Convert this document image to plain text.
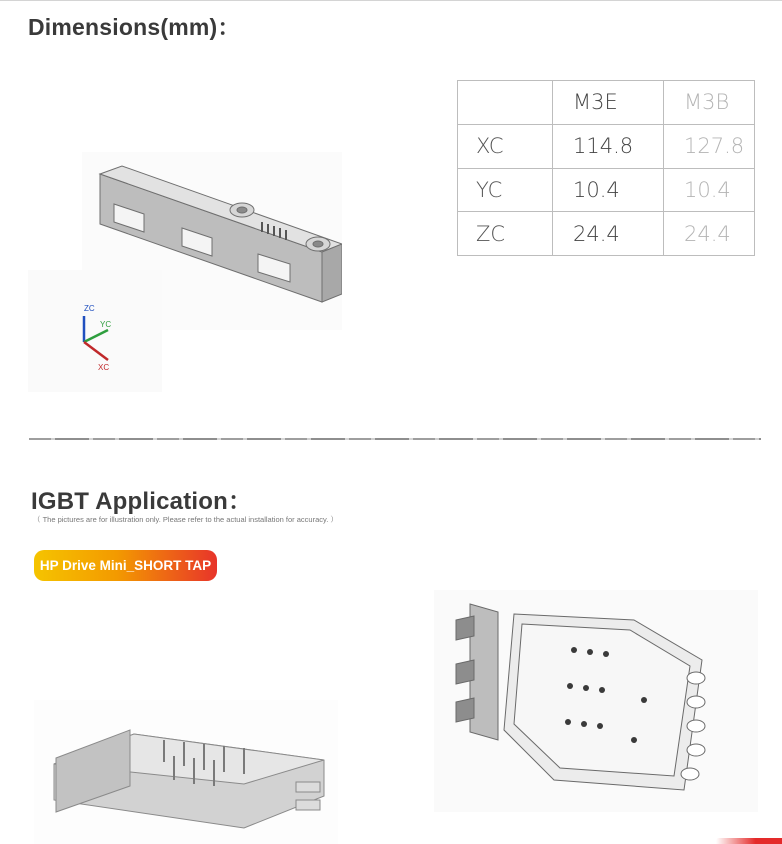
Dimensions(mm)：
	M3E	M3B
XC	114.8	127.8
YC	10.4	10.4
ZC	24.4	24.4
ZC
YC
XC
IGBT Application：
（ The pictures are for illustration only. Please refer to the actual installation for accuracy. ）
HP Drive Mini_SHORT TAP
